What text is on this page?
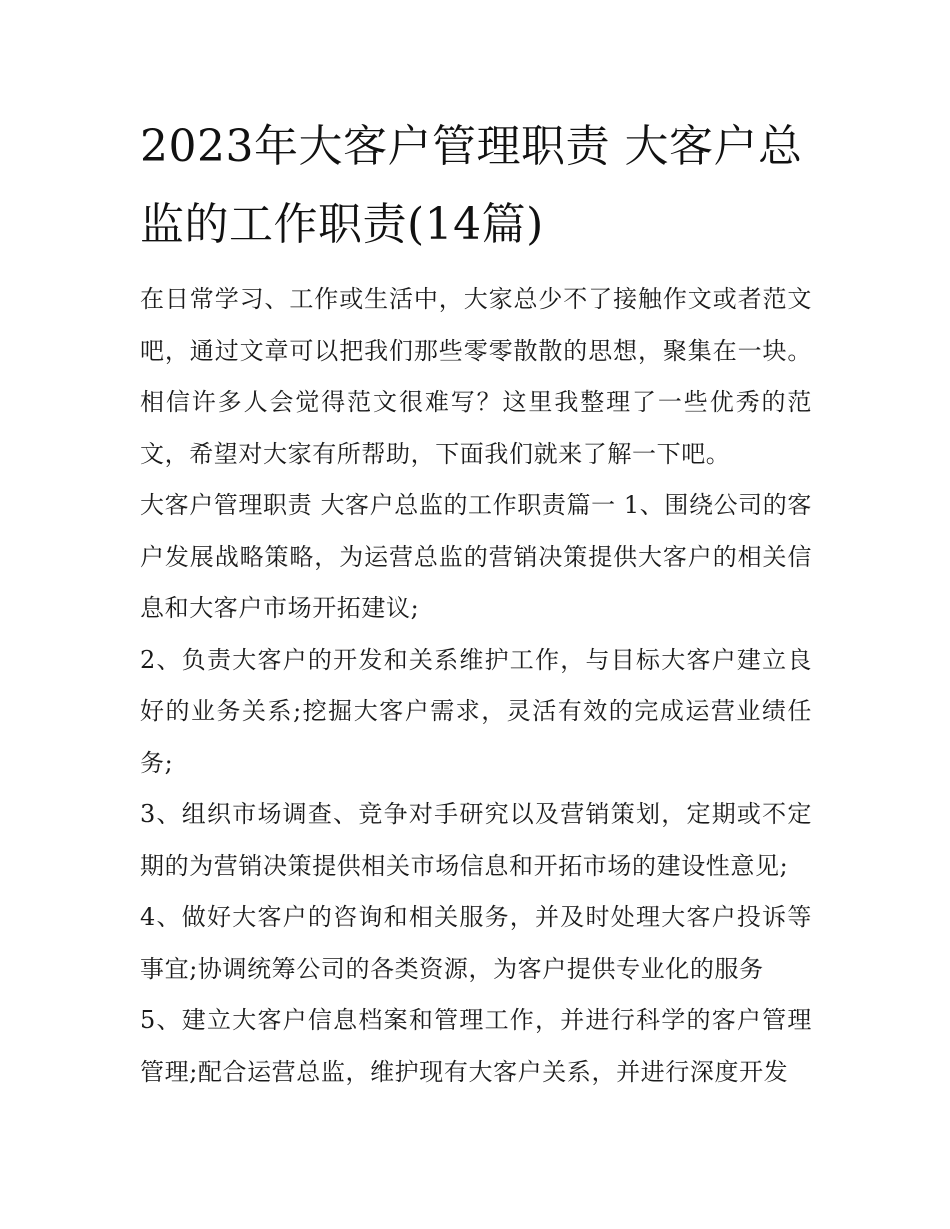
2023年大客户管理职责 大客户总监的工作职责(14篇)

在日常学习、工作或生活中，大家总少不了接触作文或者范文吧，通过文章可以把我们那些零零散散的思想，聚集在一块。相信许多人会觉得范文很难写？这里我整理了一些优秀的范文，希望对大家有所帮助，下面我们就来了解一下吧。

大客户管理职责 大客户总监的工作职责篇一 1、围绕公司的客户发展战略策略，为运营总监的营销决策提供大客户的相关信息和大客户市场开拓建议;

2、负责大客户的开发和关系维护工作，与目标大客户建立良好的业务关系;挖掘大客户需求，灵活有效的完成运营业绩任务;

3、组织市场调查、竞争对手研究以及营销策划，定期或不定期的为营销决策提供相关市场信息和开拓市场的建设性意见;

4、做好大客户的咨询和相关服务，并及时处理大客户投诉等事宜;协调统筹公司的各类资源，为客户提供专业化的服务

5、建立大客户信息档案和管理工作，并进行科学的客户管理管理;配合运营总监，维护现有大客户关系，并进行深度开发
